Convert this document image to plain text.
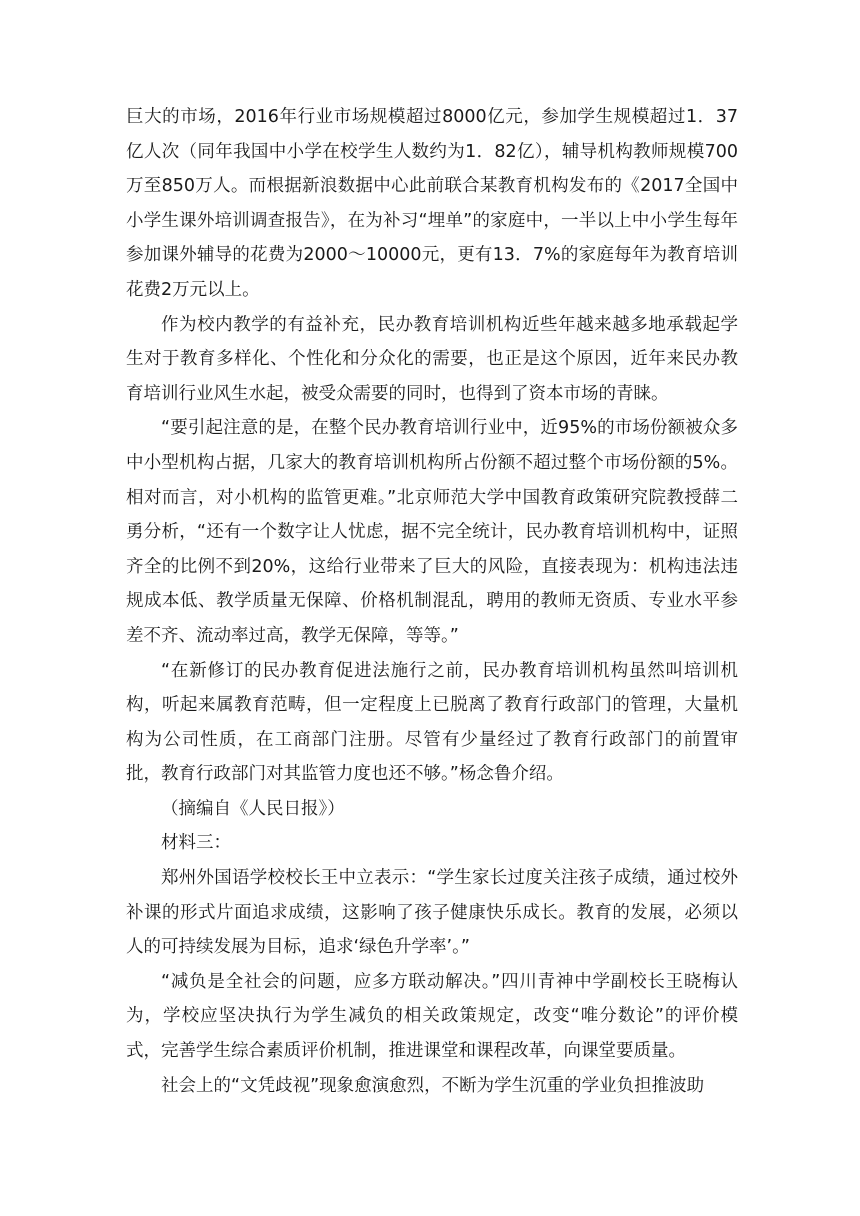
巨大的市场，2016年行业市场规模超过8000亿元，参加学生规模超过1．37亿人次（同年我国中小学在校学生人数约为1．82亿），辅导机构教师规模700万至850万人。而根据新浪数据中心此前联合某教育机构发布的《2017全国中小学生课外培训调查报告》，在为补习“埋单”的家庭中，一半以上中小学生每年参加课外辅导的花费为2000～10000元，更有13．7%的家庭每年为教育培训花费2万元以上。

作为校内教学的有益补充，民办教育培训机构近些年越来越多地承载起学生对于教育多样化、个性化和分众化的需要，也正是这个原因，近年来民办教育培训行业风生水起，被受众需要的同时，也得到了资本市场的青睐。

“要引起注意的是，在整个民办教育培训行业中，近95%的市场份额被众多中小型机构占据，几家大的教育培训机构所占份额不超过整个市场份额的5%。相对而言，对小机构的监管更难。”北京师范大学中国教育政策研究院教授薛二勇分析，“还有一个数字让人忧虑，据不完全统计，民办教育培训机构中，证照齐全的比例不到20%，这给行业带来了巨大的风险，直接表现为：机构违法违规成本低、教学质量无保障、价格机制混乱，聘用的教师无资质、专业水平参差不齐、流动率过高，教学无保障，等等。”

“在新修订的民办教育促进法施行之前，民办教育培训机构虽然叫培训机构，听起来属教育范畴，但一定程度上已脱离了教育行政部门的管理，大量机构为公司性质，在工商部门注册。尽管有少量经过了教育行政部门的前置审批，教育行政部门对其监管力度也还不够。”杨念鲁介绍。

（摘编自《人民日报》）

材料三：

郑州外国语学校校长王中立表示：“学生家长过度关注孩子成绩，通过校外补课的形式片面追求成绩，这影响了孩子健康快乐成长。教育的发展，必须以人的可持续发展为目标，追求‘绿色升学率’。”

“减负是全社会的问题，应多方联动解决。”四川青神中学副校长王晓梅认为，学校应坚决执行为学生减负的相关政策规定，改变“唯分数论”的评价模式，完善学生综合素质评价机制，推进课堂和课程改革，向课堂要质量。

社会上的“文凭歧视”现象愈演愈烈，不断为学生沉重的学业负担推波助
